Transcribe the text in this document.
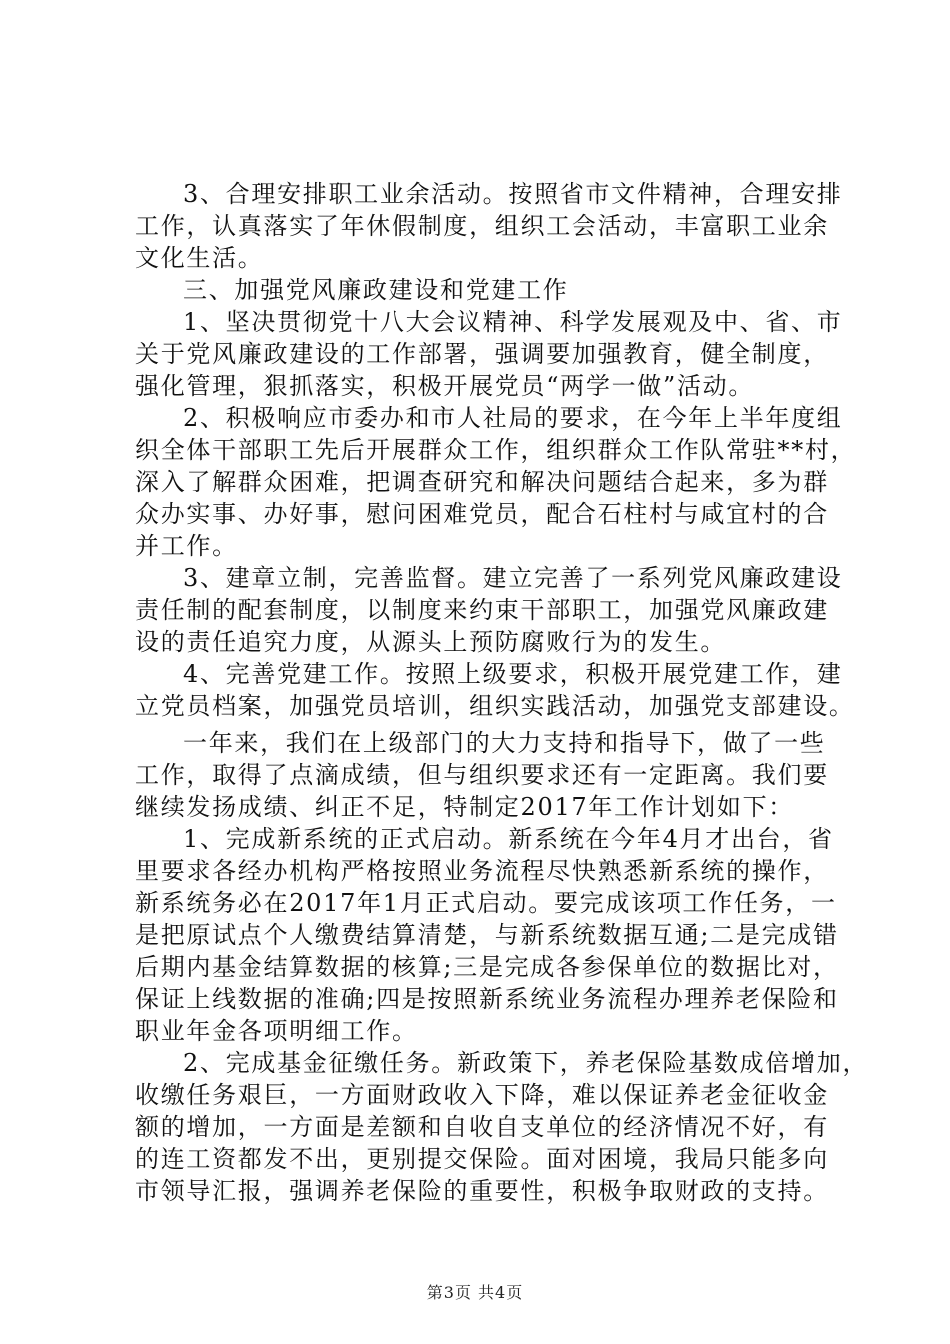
3、合理安排职工业余活动。按照省市文件精神，合理安排
工作，认真落实了年休假制度，组织工会活动，丰富职工业余
文化生活。
三、加强党风廉政建设和党建工作
1、坚决贯彻党十八大会议精神、科学发展观及中、省、市
关于党风廉政建设的工作部署，强调要加强教育，健全制度，
强化管理，狠抓落实，积极开展党员“两学一做”活动。
2、积极响应市委办和市人社局的要求，在今年上半年度组
织全体干部职工先后开展群众工作，组织群众工作队常驻**村，
深入了解群众困难，把调查研究和解决问题结合起来，多为群
众办实事、办好事，慰问困难党员，配合石柱村与咸宜村的合
并工作。
3、建章立制，完善监督。建立完善了一系列党风廉政建设
责任制的配套制度，以制度来约束干部职工，加强党风廉政建
设的责任追究力度，从源头上预防腐败行为的发生。
4、完善党建工作。按照上级要求，积极开展党建工作，建
立党员档案，加强党员培训，组织实践活动，加强党支部建设。
一年来，我们在上级部门的大力支持和指导下，做了一些
工作，取得了点滴成绩，但与组织要求还有一定距离。我们要
继续发扬成绩、纠正不足，特制定2017年工作计划如下：
1、完成新系统的正式启动。新系统在今年4月才出台，省
里要求各经办机构严格按照业务流程尽快熟悉新系统的操作，
新系统务必在2017年1月正式启动。要完成该项工作任务，一
是把原试点个人缴费结算清楚，与新系统数据互通;二是完成错
后期内基金结算数据的核算;三是完成各参保单位的数据比对，
保证上线数据的准确;四是按照新系统业务流程办理养老保险和
职业年金各项明细工作。
2、完成基金征缴任务。新政策下，养老保险基数成倍增加，
收缴任务艰巨，一方面财政收入下降，难以保证养老金征收金
额的增加，一方面是差额和自收自支单位的经济情况不好，有
的连工资都发不出，更别提交保险。面对困境，我局只能多向
市领导汇报，强调养老保险的重要性，积极争取财政的支持。
第3页 共4页
